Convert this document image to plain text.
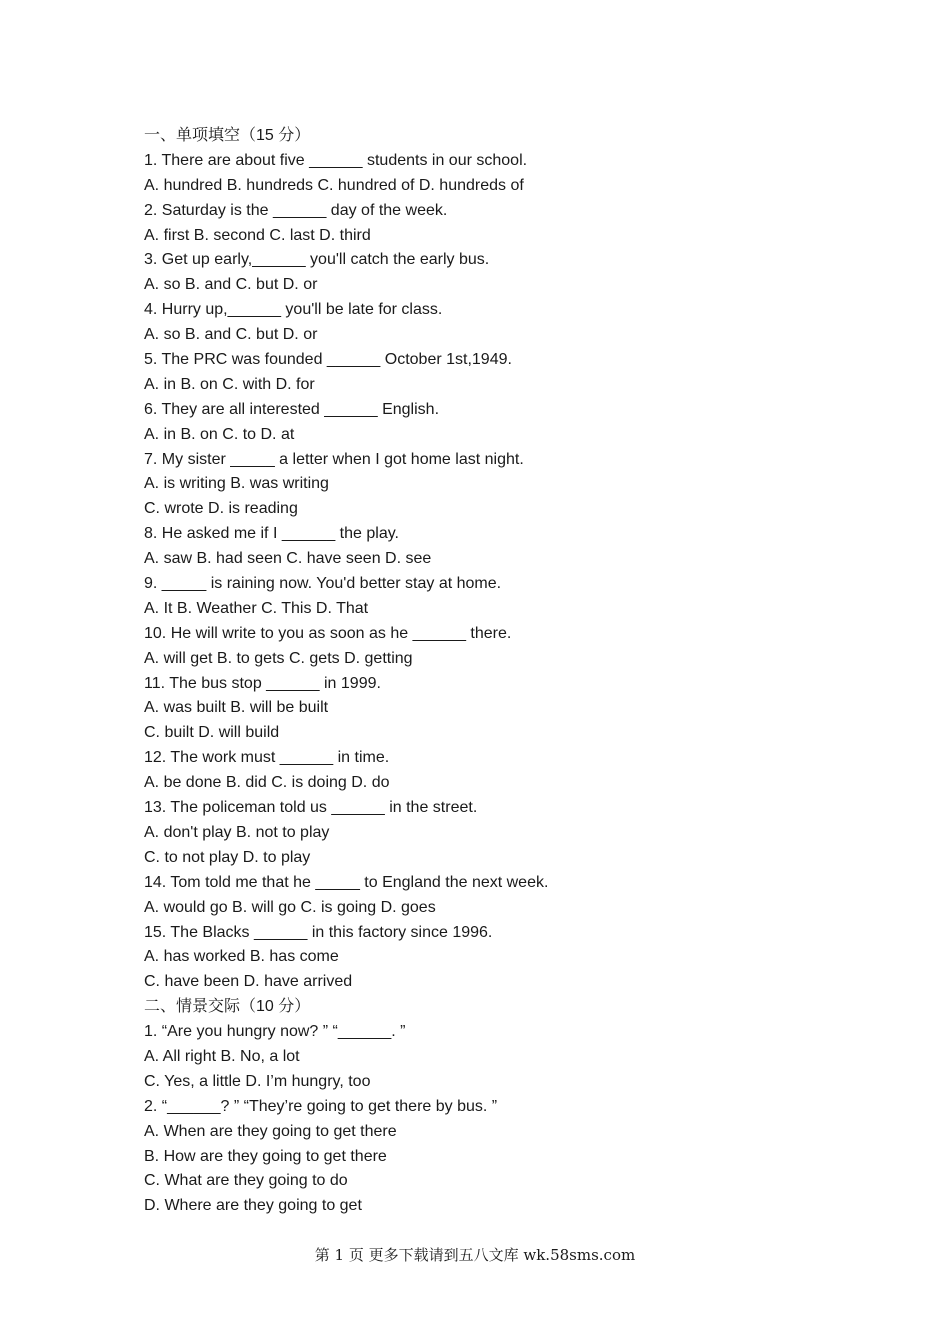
一、单项填空（15 分）
1. There are about five ______ students in our school.
A. hundred B. hundreds C. hundred of D. hundreds of
2. Saturday is the ______ day of the week.
A. first B. second C. last D. third
3. Get up early,______ you'll catch the early bus.
A. so B. and C. but D. or
4. Hurry up,______ you'll be late for class.
A. so B. and C. but D. or
5. The PRC was founded ______ October 1st,1949.
A. in B. on C. with D. for
6. They are all interested ______ English.
A. in B. on C. to D. at
7. My sister _____ a letter when I got home last night.
A. is writing B. was writing
C. wrote D. is reading
8. He asked me if I ______ the play.
A. saw B. had seen C. have seen D. see
9. _____ is raining now. You'd better stay at home.
A. It B. Weather C. This D. That
10. He will write to you as soon as he ______ there.
A. will get B. to gets C. gets D. getting
11. The bus stop ______ in 1999.
A. was built B. will be built
C. built D. will build
12. The work must ______ in time.
A. be done B. did C. is doing D. do
13. The policeman told us ______ in the street.
A. don't play B. not to play
C. to not play D. to play
14. Tom told me that he _____ to England the next week.
A. would go B. will go C. is going D. goes
15. The Blacks ______ in this factory since 1996.
A. has worked B. has come
C. have been D. have arrived
二、情景交际（10 分）
1. “Are you hungry now? ” “______. ”
A. All right B. No, a lot
C. Yes, a little D. I’m hungry, too
2. “______? ” “They’re going to get there by bus. ”
A. When are they going to get there
B. How are they going to get there
C. What are they going to do
D. Where are they going to get
第 1 页 更多下载请到五八文库 wk.58sms.com
